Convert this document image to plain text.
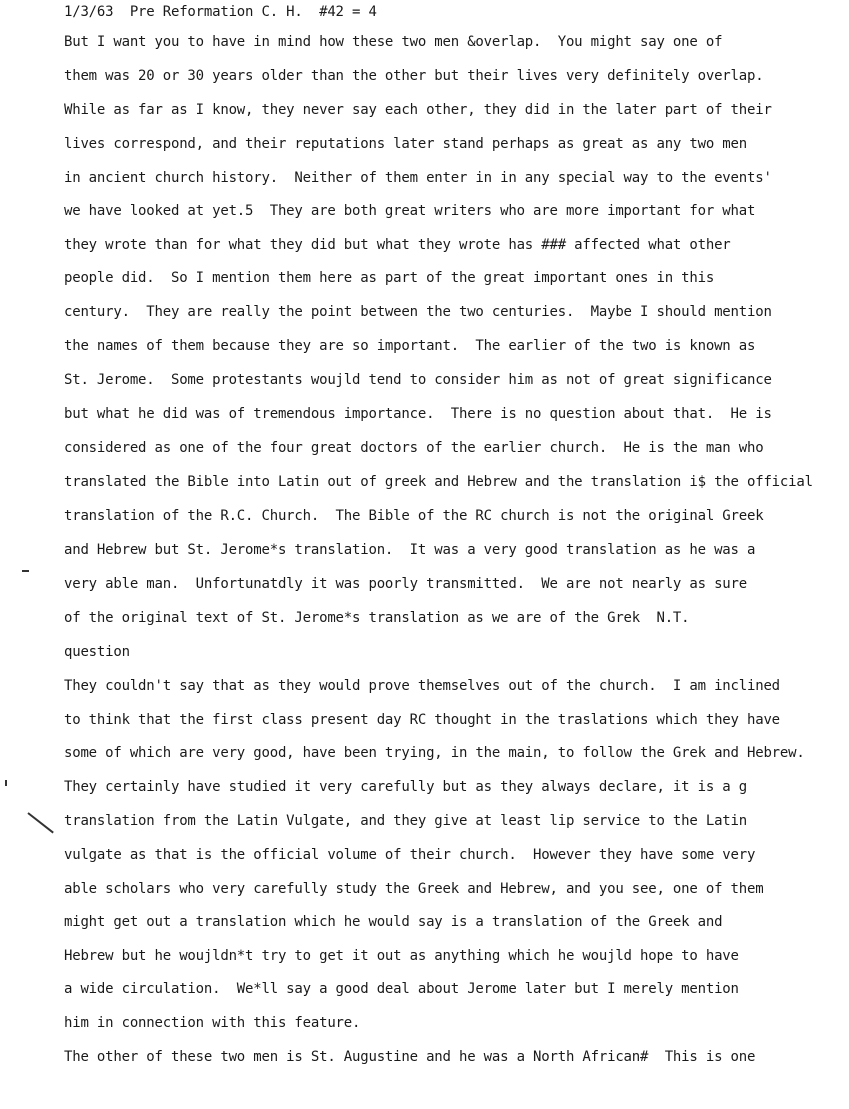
1/3/63  Pre Reformation C. H.  #42 = 4
But I want you to have in mind how these two men &overlap.  You might say one of
them was 20 or 30 years older than the other but their lives very definitely overlap.
While as far as I know, they never say each other, they did in the later part of their
lives correspond, and their reputations later stand perhaps as great as any two men
in ancient church history.  Neither of them enter in in any special way to the events'
we have looked at yet.5  They are both great writers who are more important for what
they wrote than for what they did but what they wrote has ### affected what other
people did.  So I mention them here as part of the great important ones in this
century.  They are really the point between the two centuries.  Maybe I should mention
the names of them because they are so important.  The earlier of the two is known as
St. Jerome.  Some protestants woujld tend to consider him as not of great significance
but what he did was of tremendous importance.  There is no question about that.  He is
considered as one of the four great doctors of the earlier church.  He is the man who
translated the Bible into Latin out of greek and Hebrew and the translation i$ the official
translation of the R.C. Church.  The Bible of the RC church is not the original Greek
and Hebrew but St. Jerome*s translation.  It was a very good translation as he was a
very able man.  Unfortunatdly it was poorly transmitted.  We are not nearly as sure
of the original text of St. Jerome*s translation as we are of the Grek  N.T.
question
They couldn't say that as they would prove themselves out of the church.  I am inclined
to think that the first class present day RC thought in the traslations which they have
some of which are very good, have been trying, in the main, to follow the Grek and Hebrew.
They certainly have studied it very carefully but as they always declare, it is a g
translation from the Latin Vulgate, and they give at least lip service to the Latin
vulgate as that is the official volume of their church.  However they have some very
able scholars who very carefully study the Greek and Hebrew, and you see, one of them
might get out a translation which he would say is a translation of the Greek and
Hebrew but he woujldn*t try to get it out as anything which he woujld hope to have
a wide circulation.  We*ll say a good deal about Jerome later but I merely mention
him in connection with this feature.
The other of these two men is St. Augustine and he was a North African#  This is one
